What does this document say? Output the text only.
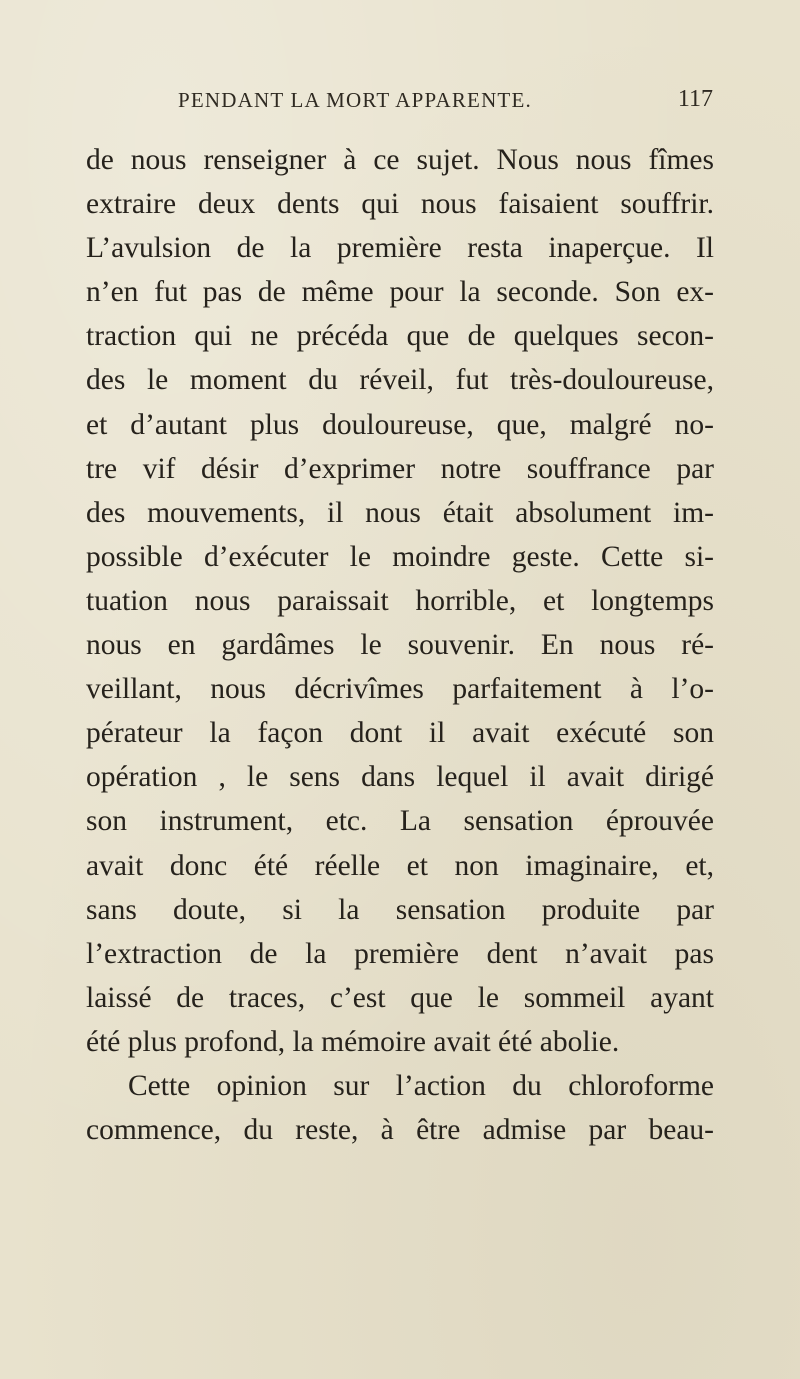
PENDANT LA MORT APPARENTE.	117
de nous renseigner à ce sujet. Nous nous fîmes
extraire deux dents qui nous faisaient souffrir.
L’avulsion de la première resta inaperçue. Il
n’en fut pas de même pour la seconde. Son ex-
traction qui ne précéda que de quelques secon-
des le moment du réveil, fut très-douloureuse,
et d’autant plus douloureuse, que, malgré no-
tre vif désir d’exprimer notre souffrance par
des mouvements, il nous était absolument im-
possible d’exécuter le moindre geste. Cette si-
tuation nous paraissait horrible, et longtemps
nous en gardâmes le souvenir. En nous ré-
veillant, nous décrivîmes parfaitement à l’o-
pérateur la façon dont il avait exécuté son
opération , le sens dans lequel il avait dirigé
son instrument, etc. La sensation éprouvée
avait donc été réelle et non imaginaire, et,
sans doute, si la sensation produite par
l’extraction de la première dent n’avait pas
laissé de traces, c’est que le sommeil ayant
été plus profond, la mémoire avait été abolie.
Cette opinion sur l’action du chloroforme
commence, du reste, à être admise par beau-
